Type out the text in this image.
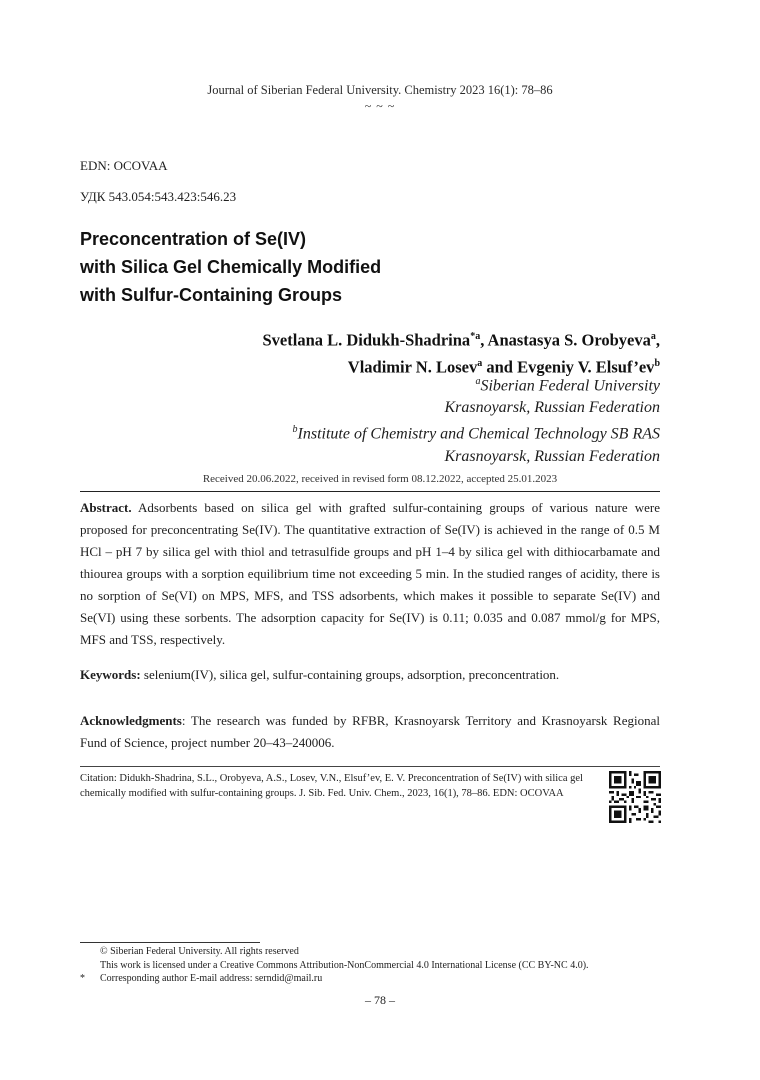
Journal of Siberian Federal University. Chemistry 2023 16(1): 78–86
~ ~ ~
EDN: OCOVAA
УДК 543.054:543.423:546.23
Preconcentration of Se(IV)
with Silica Gel Chemically Modified
with Sulfur-Containing Groups
Svetlana L. Didukh-Shadrina$^{*a}$, Anastasya S. Orobyeva$^a$,
Vladimir N. Losev$^a$ and Evgeniy V. $Elsuf’ev^b$
$^a$Siberian Federal University
Krasnoyarsk, Russian Federation
$^b$Institute of Chemistry and Chemical Technology SB RAS
Krasnoyarsk, Russian Federation
Received 20.06.2022, received in revised form 08.12.2022, accepted 25.01.2023
Abstract. Adsorbents based on silica gel with grafted sulfur-containing groups of various nature were proposed for preconcentrating Se(IV). The quantitative extraction of Se(IV) is achieved in the range of 0.5 M HCl – pH 7 by silica gel with thiol and tetrasulfide groups and pH 1–4 by silica gel with dithiocarbamate and thiourea groups with a sorption equilibrium time not exceeding 5 min. In the studied ranges of acidity, there is no sorption of Se(VI) on MPS, MFS, and TSS adsorbents, which makes it possible to separate Se(IV) and Se(VI) using these sorbents. The adsorption capacity for Se(IV) is 0.11; 0.035 and 0.087 mmol/g for MPS, MFS and TSS, respectively.
Keywords: selenium(IV), silica gel, sulfur-containing groups, adsorption, preconcentration.
Acknowledgments: The research was funded by RFBR, Krasnoyarsk Territory and Krasnoyarsk Regional Fund of Science, project number 20–43–240006.
Citation: Didukh-Shadrina, S.L., Orobyeva, A.S., Losev, V.N., Elsuf’ev, E. V. Preconcentration of Se(IV) with silica gel chemically modified with sulfur-containing groups. J. Sib. Fed. Univ. Chem., 2023, 16(1), 78–86. EDN: OCOVAA
© Siberian Federal University. All rights reserved
This work is licensed under a Creative Commons Attribution-NonCommercial 4.0 International License (CC BY-NC 4.0).
*	Corresponding author E-mail address: serndid@mail.ru
– 78 –
